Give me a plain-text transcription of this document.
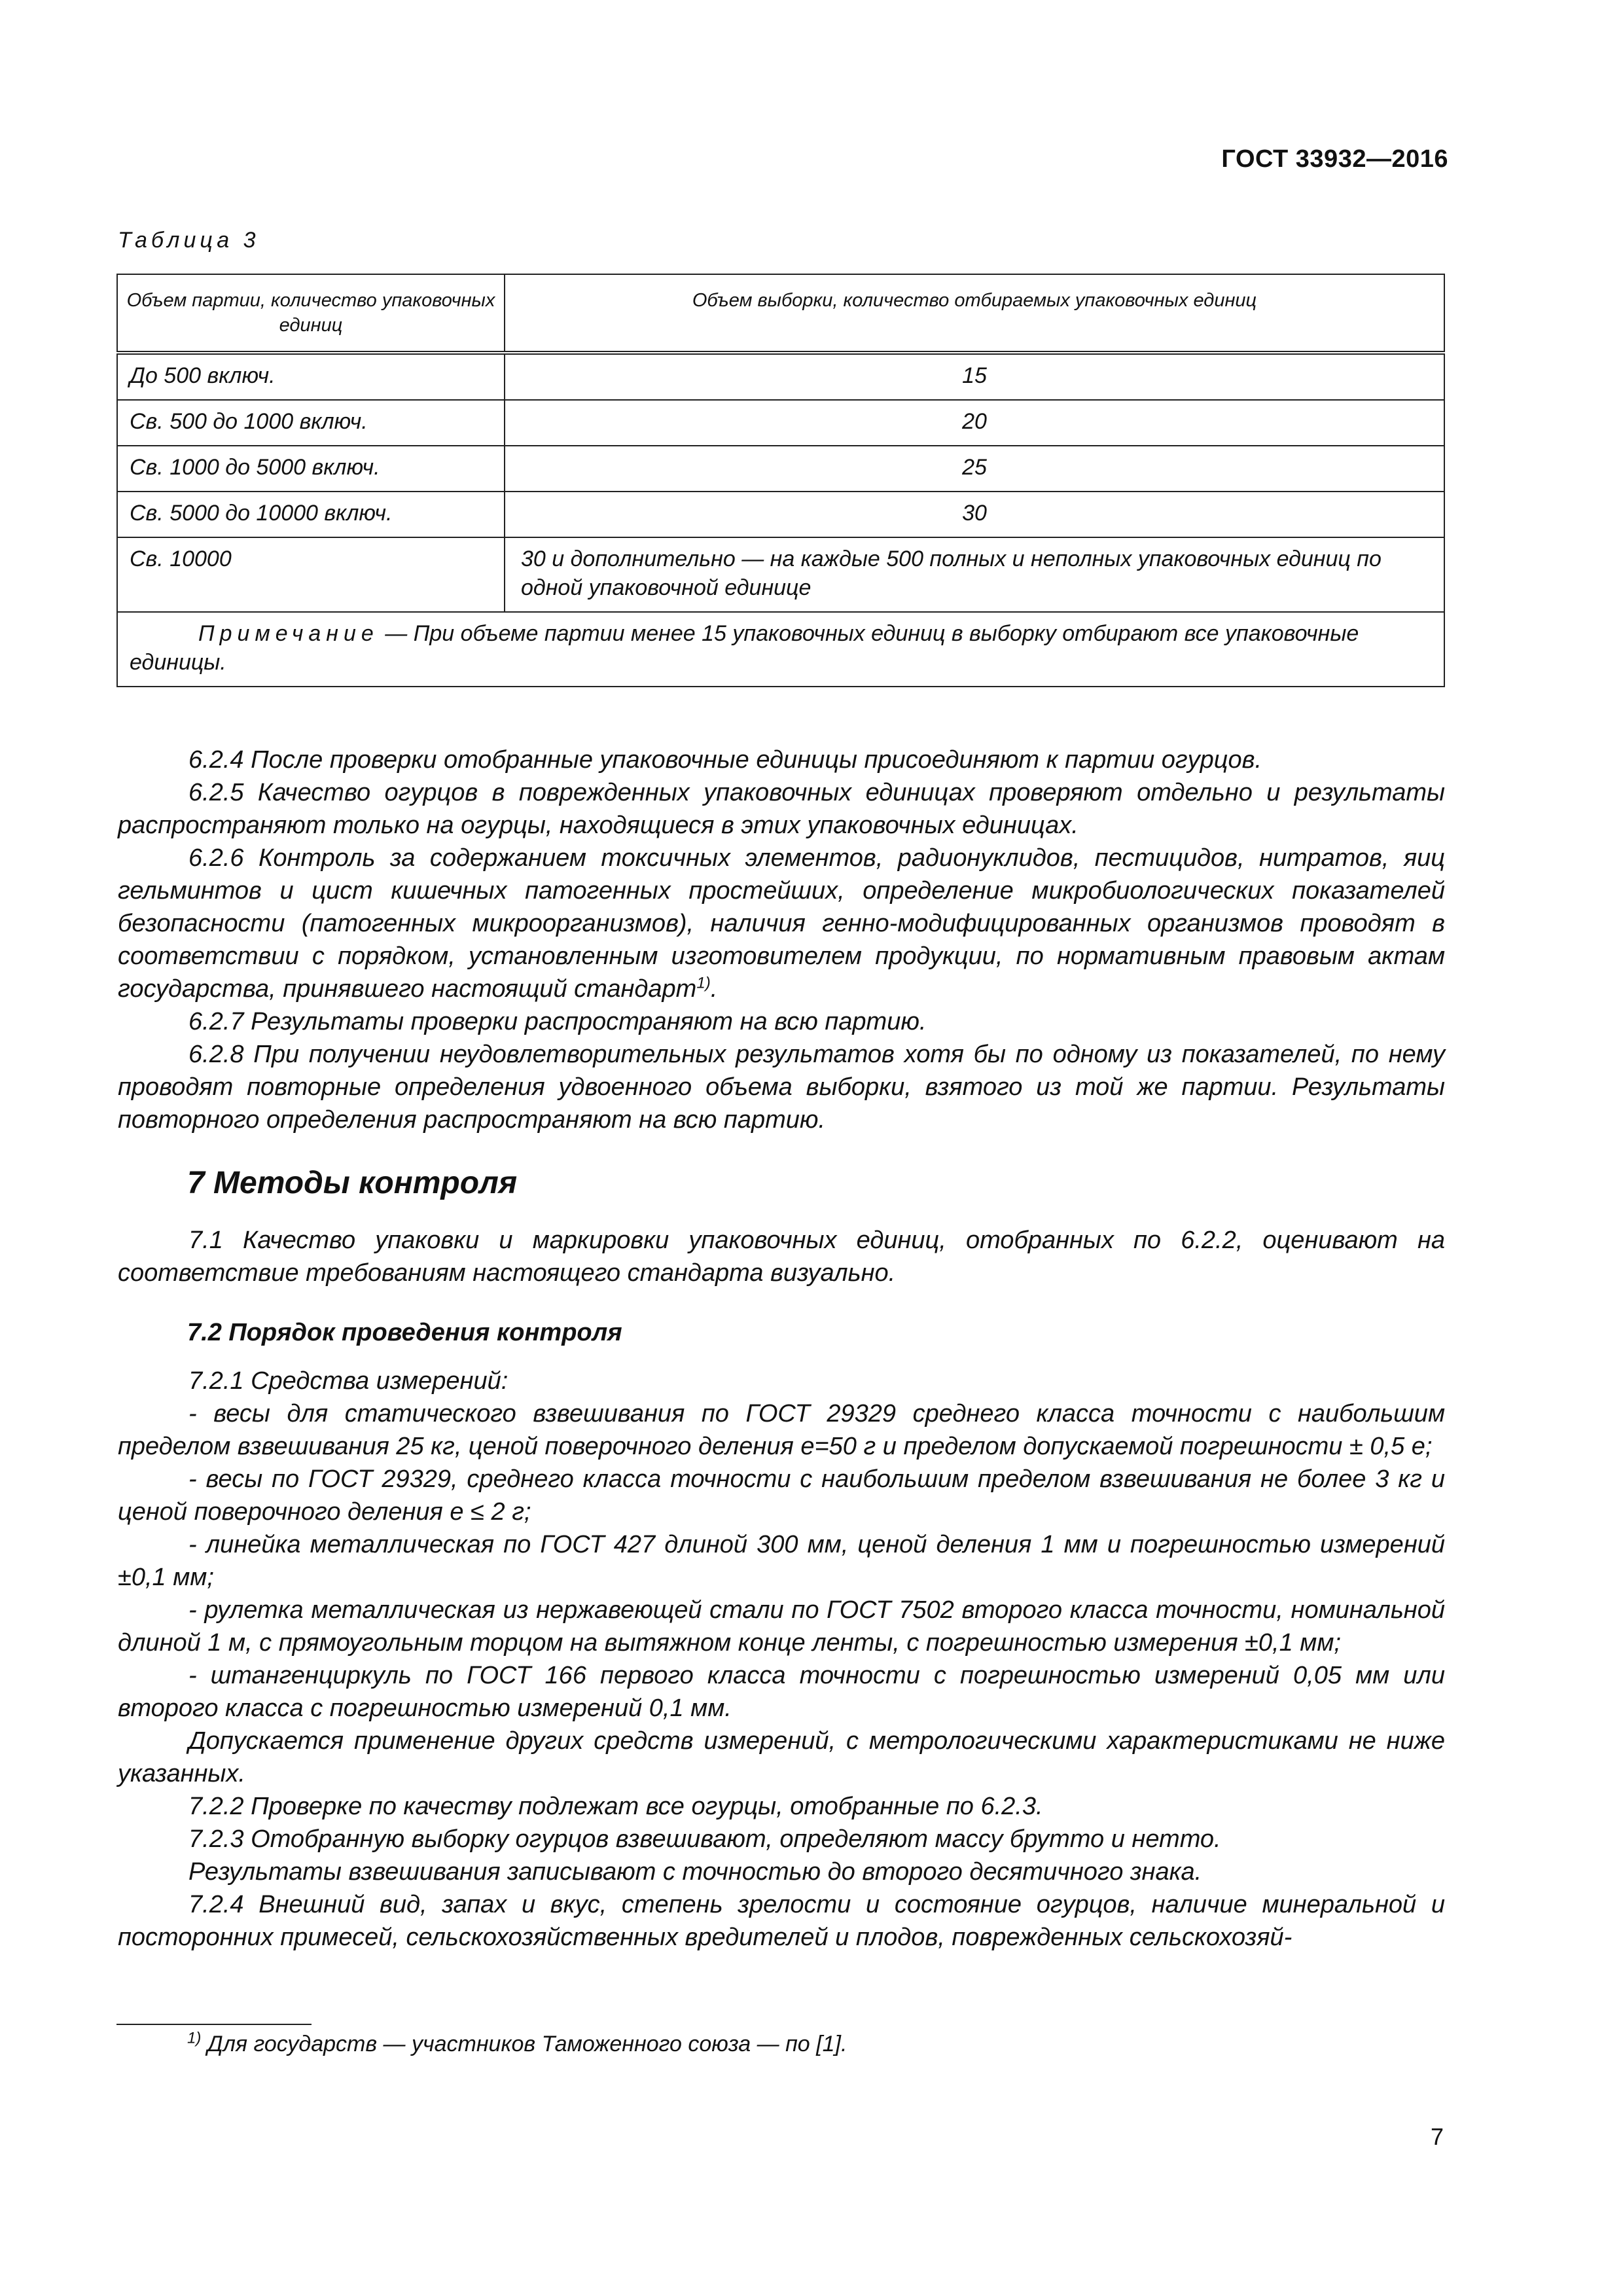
ГОСТ 33932—2016
Таблица 3
Объем партии, количество упаковочных единиц	Объем выборки, количество отбираемых упаковочных единиц
До 500 включ.	15
Св. 500 до 1000 включ.	20
Св. 1000 до 5000 включ.	25
Св. 5000 до 10000 включ.	30
Св. 10000	30 и дополнительно — на каждые 500 полных и неполных упаковочных единиц по одной упаковочной единице
Примечание — При объеме партии менее 15 упаковочных единиц в выборку отбирают все упаковочные единицы.	

6.2.4 После проверки отобранные упаковочные единицы присоединяют к партии огурцов.

6.2.5 Качество огурцов в поврежденных упаковочных единицах проверяют отдельно и результаты распространяют только на огурцы, находящиеся в этих упаковочных единицах.

6.2.6 Контроль за содержанием токсичных элементов, радионуклидов, пестицидов, нитратов, яиц гельминтов и цист кишечных патогенных простейших, определение микробиологических показателей безопасности (патогенных микроорганизмов), наличия генно-модифицированных организмов проводят в соответствии с порядком, установленным изготовителем продукции, по нормативным правовым актам государства, принявшего настоящий стандарт$^{1)}$.

6.2.7 Результаты проверки распространяют на всю партию.

6.2.8 При получении неудовлетворительных результатов хотя бы по одному из показателей, по нему проводят повторные определения удвоенного объема выборки, взятого из той же партии. Результаты повторного определения распространяют на всю партию.

7 Методы контроля

7.1 Качество упаковки и маркировки упаковочных единиц, отобранных по 6.2.2, оценивают на соответствие требованиям настоящего стандарта визуально.

7.2 Порядок проведения контроля

7.2.1 Средства измерений:

- весы для статического взвешивания по ГОСТ 29329 среднего класса точности с наибольшим пределом взвешивания 25 кг, ценой поверочного деления е=50 г и пределом допускаемой погрешности ± 0,5 е;

- весы по ГОСТ 29329, среднего класса точности с наибольшим пределом взвешивания не более 3 кг и ценой поверочного деления е ≤ 2 г;

- линейка металлическая по ГОСТ 427 длиной 300 мм, ценой деления 1 мм и погрешностью измерений ±0,1 мм;

- рулетка металлическая из нержавеющей стали по ГОСТ 7502 второго класса точности, номинальной длиной 1 м, с прямоугольным торцом на вытяжном конце ленты, с погрешностью измерения ±0,1 мм;

- штангенциркуль по ГОСТ 166 первого класса точности с погрешностью измерений 0,05 мм или второго класса с погрешностью измерений 0,1 мм.

Допускается применение других средств измерений, с метрологическими характеристиками не ниже указанных.

7.2.2 Проверке по качеству подлежат все огурцы, отобранные по 6.2.3.

7.2.3 Отобранную выборку огурцов взвешивают, определяют массу брутто и нетто.

Результаты взвешивания записывают с точностью до второго десятичного знака.

7.2.4 Внешний вид, запах и вкус, степень зрелости и состояние огурцов, наличие минеральной и посторонних примесей, сельскохозяйственных вредителей и плодов, поврежденных сельскохозяй-

$^{1)}$ Для государств — участников Таможенного союза — по [1].
7
